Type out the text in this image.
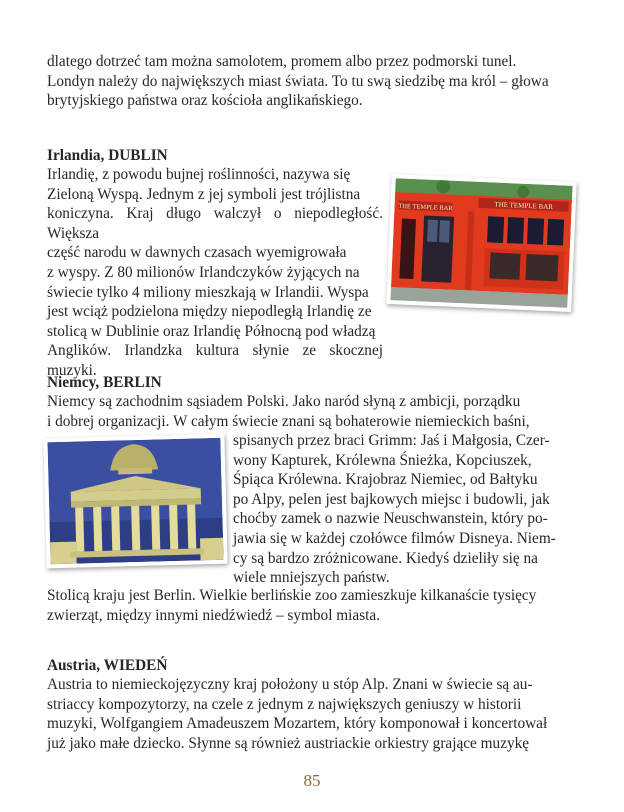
dlatego dotrzeć tam można samolotem, promem albo przez podmorski tunel.
Londyn należy do największych miast świata. To tu swą siedzibę ma król – głowa
brytyjskiego państwa oraz kościoła anglikańskiego.
Irlandia, DUBLIN
Irlandię, z powodu bujnej roślinności, nazywa się
Zieloną Wyspą. Jednym z jej symboli jest trójlistna
koniczyna. Kraj długo walczył o niepodległość. Większa
część narodu w dawnych czasach wyemigrowała
z wyspy. Z 80 milionów Irlandczyków żyjących na
świecie tylko 4 miliony mieszkają w Irlandii. Wyspa
jest wciąż podzielona między niepodległą Irlandię ze
stolicą w Dublinie oraz Irlandię Północną pod władzą
Anglików. Irlandzka kultura słynie ze skocznej muzyki.
THE TEMPLE BAR	THE TEMPLE BAR
Niemcy, BERLIN
Niemcy są zachodnim sąsiadem Polski. Jako naród słyną z ambicji, porządku
i dobrej organizacji. W całym świecie znani są bohaterowie niemieckich baśni,
spisanych przez braci Grimm: Jaś i Małgosia, Czer-
wony Kapturek, Królewna Śnieżka, Kopciuszek,
Śpiąca Królewna. Krajobraz Niemiec, od Bałtyku
po Alpy, pelen jest bajkowych miejsc i budowli, jak
choćby zamek o nazwie Neuschwanstein, który po-
jawia się w każdej czołówce filmów Disneya. Niem-
cy są bardzo zróżnicowane. Kiedyś dzieliły się na
wiele mniejszych państw.
Stolicą kraju jest Berlin. Wielkie berlińskie zoo zamieszkuje kilkanaście tysięcy
zwierząt, między innymi niedźwiedź – symbol miasta.
Austria, WIEDEŃ
Austria to niemieckojęzyczny kraj położony u stóp Alp. Znani w świecie są au-
striaccy kompozytorzy, na czele z jednym z największych geniuszy w historii
muzyki, Wolfgangiem Amadeuszem Mozartem, który komponował i koncertował
już jako małe dziecko. Słynne są również austriackie orkiestry grające muzykę
85
